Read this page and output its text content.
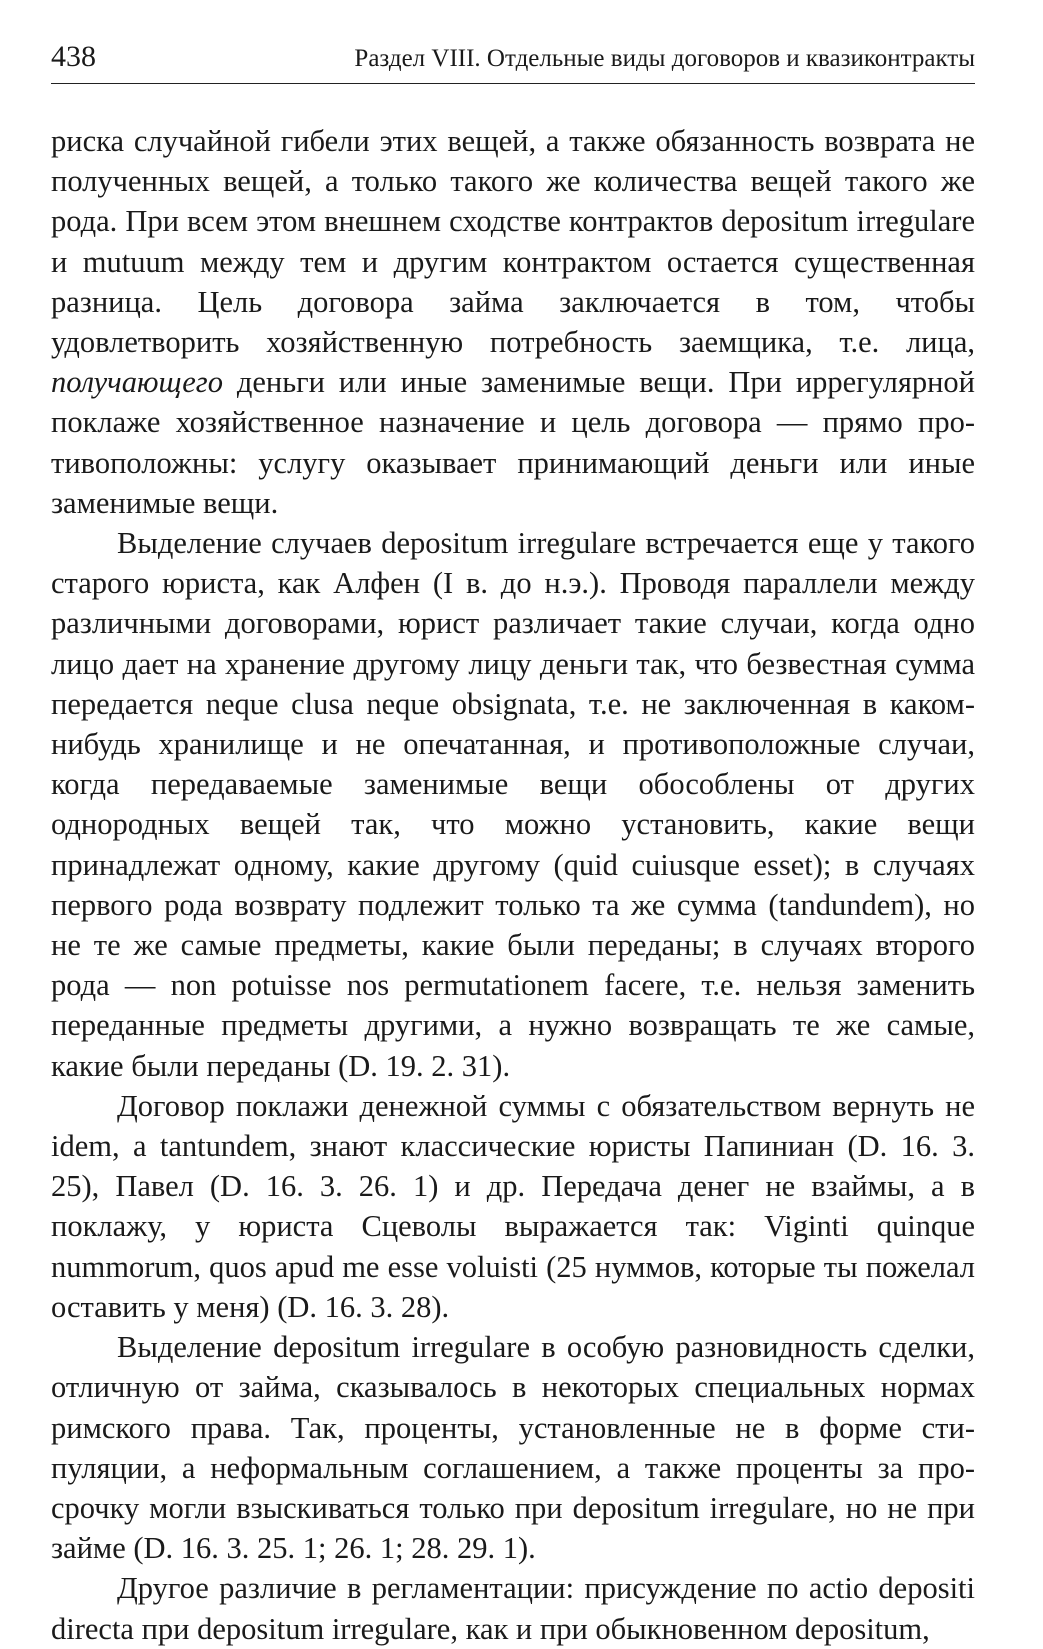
438	Раздел VIII. Отдельные виды договоров и квазиконтракты

риска случайной гибели этих вещей, а также обязанность возврата не полученных вещей, а только такого же количества вещей такого же рода. При всем этом внешнем сходстве контрактов depositum irregulare и mutuum между тем и другим контрактом остается существенная разница. Цель договора займа заключается в том, чтобы удовлетворить хозяйственную потребность заемщика, т.е. лица, получающего деньги или иные заменимые вещи. При иррегулярной поклаже хозяйственное назначение и цель договора — прямо противоположны: услугу оказывает принимающий деньги или иные заменимые вещи.

Выделение случаев depositum irregulare встречается еще у такого старого юриста, как Алфен (I в. до н.э.). Проводя параллели между различными договорами, юрист различает такие случаи, когда одно лицо дает на хранение другому лицу деньги так, что безвестная сумма передается neque clusa neque obsignata, т.е. не заключенная в каком-нибудь хранилище и не опечатанная, и противоположные случаи, когда передаваемые заменимые вещи обособлены от других однородных вещей так, что можно установить, какие вещи принадлежат одному, какие другому (quid cuiusque esset); в случаях первого рода возврату подлежит только та же сумма (tandundem), но не те же самые предметы, какие были переданы; в случаях второго рода — non potuisse nos permutationem facere, т.е. нельзя заменить переданные предметы другими, а нужно возвращать те же самые, какие были переданы (D. 19. 2. 31).

Договор поклажи денежной суммы с обязательством вернуть не idem, a tantundem, знают классические юристы Папиниан (D. 16. 3. 25), Павел (D. 16. 3. 26. 1) и др. Передача денег не взаймы, а в поклажу, у юриста Сцеволы выражается так: Viginti quinque nummorum, quos apud me esse voluisti (25 нуммов, которые ты пожелал оставить у меня) (D. 16. 3. 28).

Выделение depositum irregulare в особую разновидность сделки, отличную от займа, сказывалось в некоторых специальных нормах римского права. Так, проценты, установленные не в форме стипуляции, а неформальным соглашением, а также проценты за просрочку могли взыскиваться только при depositum irregulare, но не при займе (D. 16. 3. 25. 1; 26. 1; 28. 29. 1).

Другое различие в регламентации: присуждение по actio depositi directa при depositum irregulare, как и при обыкновенном depositum,
